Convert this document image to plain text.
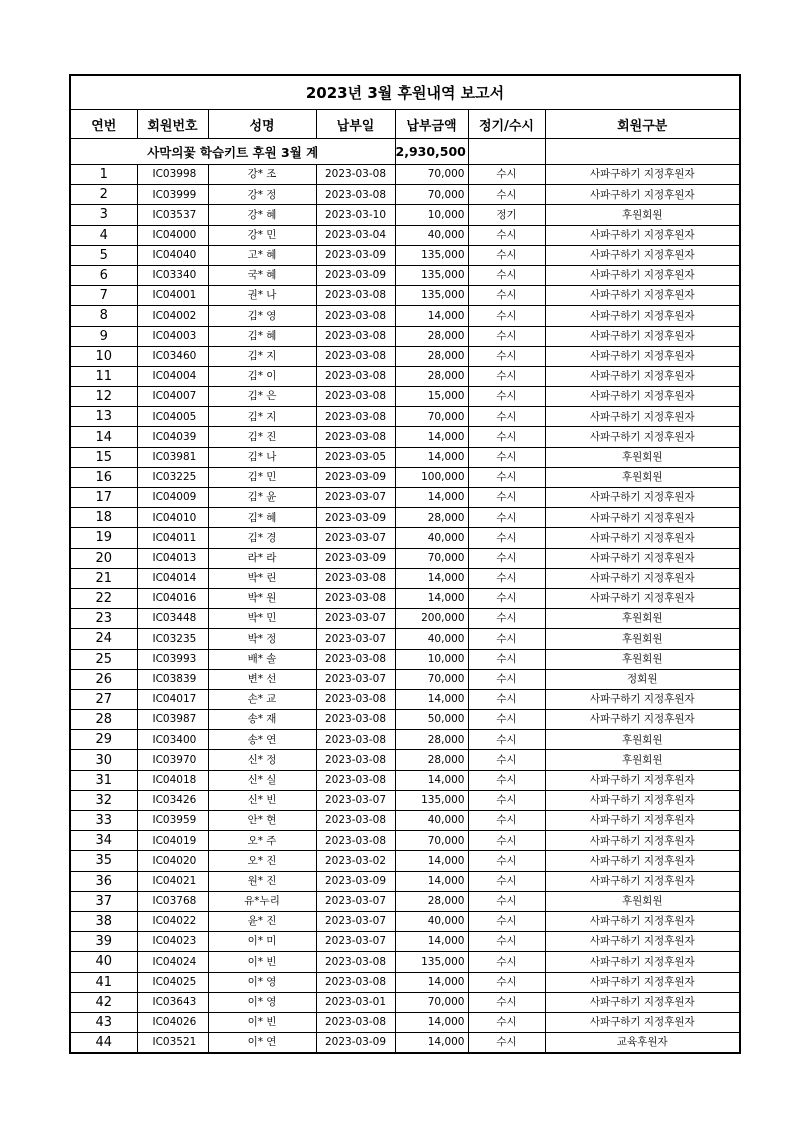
2023년 3월 후원내역 보고서						
연번	회원번호	성명	납부일	납부금액	정기/수시	회원구분
사막의꽃 학습키트 후원 3월 계				2,930,500		
1	IC03998	강* 조	2023-03-08	70,000	수시	사파구하기 지정후원자
2	IC03999	강* 정	2023-03-08	70,000	수시	사파구하기 지정후원자
3	IC03537	강* 혜	2023-03-10	10,000	정기	후원회원
4	IC04000	강* 민	2023-03-04	40,000	수시	사파구하기 지정후원자
5	IC04040	고* 혜	2023-03-09	135,000	수시	사파구하기 지정후원자
6	IC03340	국* 혜	2023-03-09	135,000	수시	사파구하기 지정후원자
7	IC04001	권* 나	2023-03-08	135,000	수시	사파구하기 지정후원자
8	IC04002	김* 영	2023-03-08	14,000	수시	사파구하기 지정후원자
9	IC04003	김* 혜	2023-03-08	28,000	수시	사파구하기 지정후원자
10	IC03460	김* 지	2023-03-08	28,000	수시	사파구하기 지정후원자
11	IC04004	김* 이	2023-03-08	28,000	수시	사파구하기 지정후원자
12	IC04007	김* 은	2023-03-08	15,000	수시	사파구하기 지정후원자
13	IC04005	김* 지	2023-03-08	70,000	수시	사파구하기 지정후원자
14	IC04039	김* 진	2023-03-08	14,000	수시	사파구하기 지정후원자
15	IC03981	김* 나	2023-03-05	14,000	수시	후원회원
16	IC03225	김* 민	2023-03-09	100,000	수시	후원회원
17	IC04009	김* 윤	2023-03-07	14,000	수시	사파구하기 지정후원자
18	IC04010	김* 혜	2023-03-09	28,000	수시	사파구하기 지정후원자
19	IC04011	김* 경	2023-03-07	40,000	수시	사파구하기 지정후원자
20	IC04013	라* 라	2023-03-09	70,000	수시	사파구하기 지정후원자
21	IC04014	박* 린	2023-03-08	14,000	수시	사파구하기 지정후원자
22	IC04016	박* 원	2023-03-08	14,000	수시	사파구하기 지정후원자
23	IC03448	박* 민	2023-03-07	200,000	수시	후원회원
24	IC03235	박* 정	2023-03-07	40,000	수시	후원회원
25	IC03993	배* 솔	2023-03-08	10,000	수시	후원회원
26	IC03839	변* 선	2023-03-07	70,000	수시	정회원
27	IC04017	손* 교	2023-03-08	14,000	수시	사파구하기 지정후원자
28	IC03987	송* 재	2023-03-08	50,000	수시	사파구하기 지정후원자
29	IC03400	송* 연	2023-03-08	28,000	수시	후원회원
30	IC03970	신* 정	2023-03-08	28,000	수시	후원회원
31	IC04018	신* 실	2023-03-08	14,000	수시	사파구하기 지정후원자
32	IC03426	신* 빈	2023-03-07	135,000	수시	사파구하기 지정후원자
33	IC03959	안* 현	2023-03-08	40,000	수시	사파구하기 지정후원자
34	IC04019	오* 주	2023-03-08	70,000	수시	사파구하기 지정후원자
35	IC04020	오* 진	2023-03-02	14,000	수시	사파구하기 지정후원자
36	IC04021	원* 진	2023-03-09	14,000	수시	사파구하기 지정후원자
37	IC03768	유*누리	2023-03-07	28,000	수시	후원회원
38	IC04022	윤* 진	2023-03-07	40,000	수시	사파구하기 지정후원자
39	IC04023	이* 미	2023-03-07	14,000	수시	사파구하기 지정후원자
40	IC04024	이* 빈	2023-03-08	135,000	수시	사파구하기 지정후원자
41	IC04025	이* 영	2023-03-08	14,000	수시	사파구하기 지정후원자
42	IC03643	이* 영	2023-03-01	70,000	수시	사파구하기 지정후원자
43	IC04026	이* 빈	2023-03-08	14,000	수시	사파구하기 지정후원자
44	IC03521	이* 연	2023-03-09	14,000	수시	교육후원자
